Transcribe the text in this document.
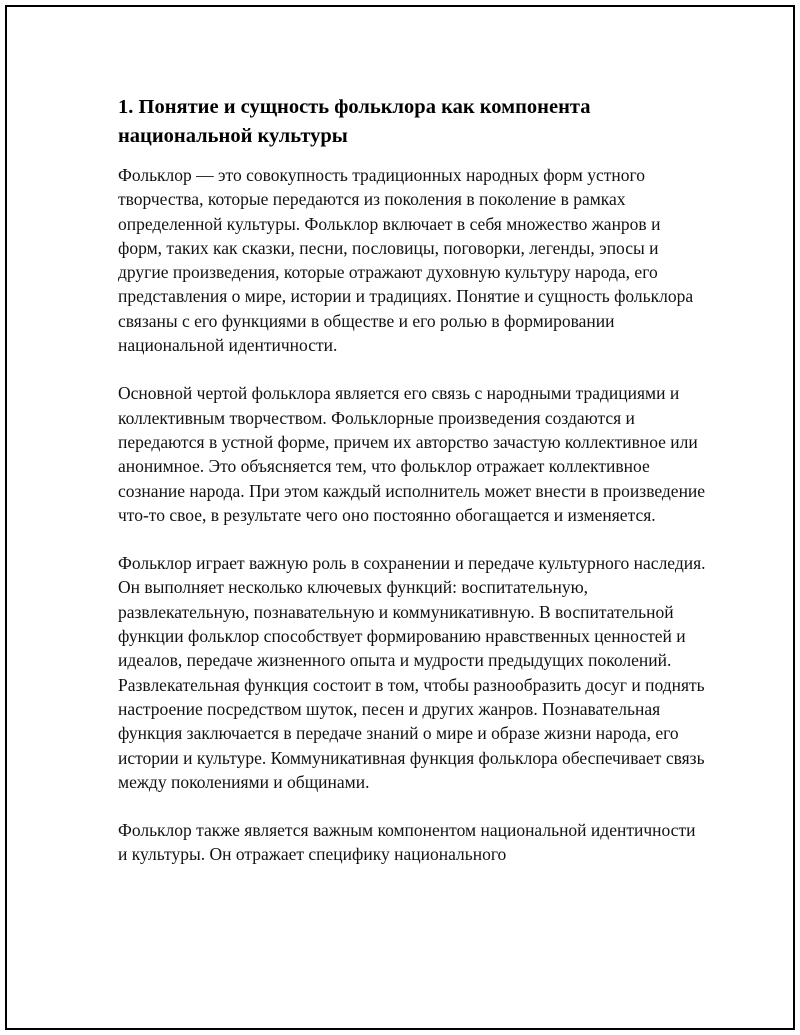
1. Понятие и сущность фольклора как компонента национальной культуры

Фольклор — это совокупность традиционных народных форм устного творчества, которые передаются из поколения в поколение в рамках определенной культуры. Фольклор включает в себя множество жанров и форм, таких как сказки, песни, пословицы, поговорки, легенды, эпосы и другие произведения, которые отражают духовную культуру народа, его представления о мире, истории и традициях. Понятие и сущность фольклора связаны с его функциями в обществе и его ролью в формировании национальной идентичности.

Основной чертой фольклора является его связь с народными традициями и коллективным творчеством. Фольклорные произведения создаются и передаются в устной форме, причем их авторство зачастую коллективное или анонимное. Это объясняется тем, что фольклор отражает коллективное сознание народа. При этом каждый исполнитель может внести в произведение что-то свое, в результате чего оно постоянно обогащается и изменяется.

Фольклор играет важную роль в сохранении и передаче культурного наследия. Он выполняет несколько ключевых функций: воспитательную, развлекательную, познавательную и коммуникативную. В воспитательной функции фольклор способствует формированию нравственных ценностей и идеалов, передаче жизненного опыта и мудрости предыдущих поколений. Развлекательная функция состоит в том, чтобы разнообразить досуг и поднять настроение посредством шуток, песен и других жанров. Познавательная функция заключается в передаче знаний о мире и образе жизни народа, его истории и культуре. Коммуникативная функция фольклора обеспечивает связь между поколениями и общинами.

Фольклор также является важным компонентом национальной идентичности и культуры. Он отражает специфику национального
